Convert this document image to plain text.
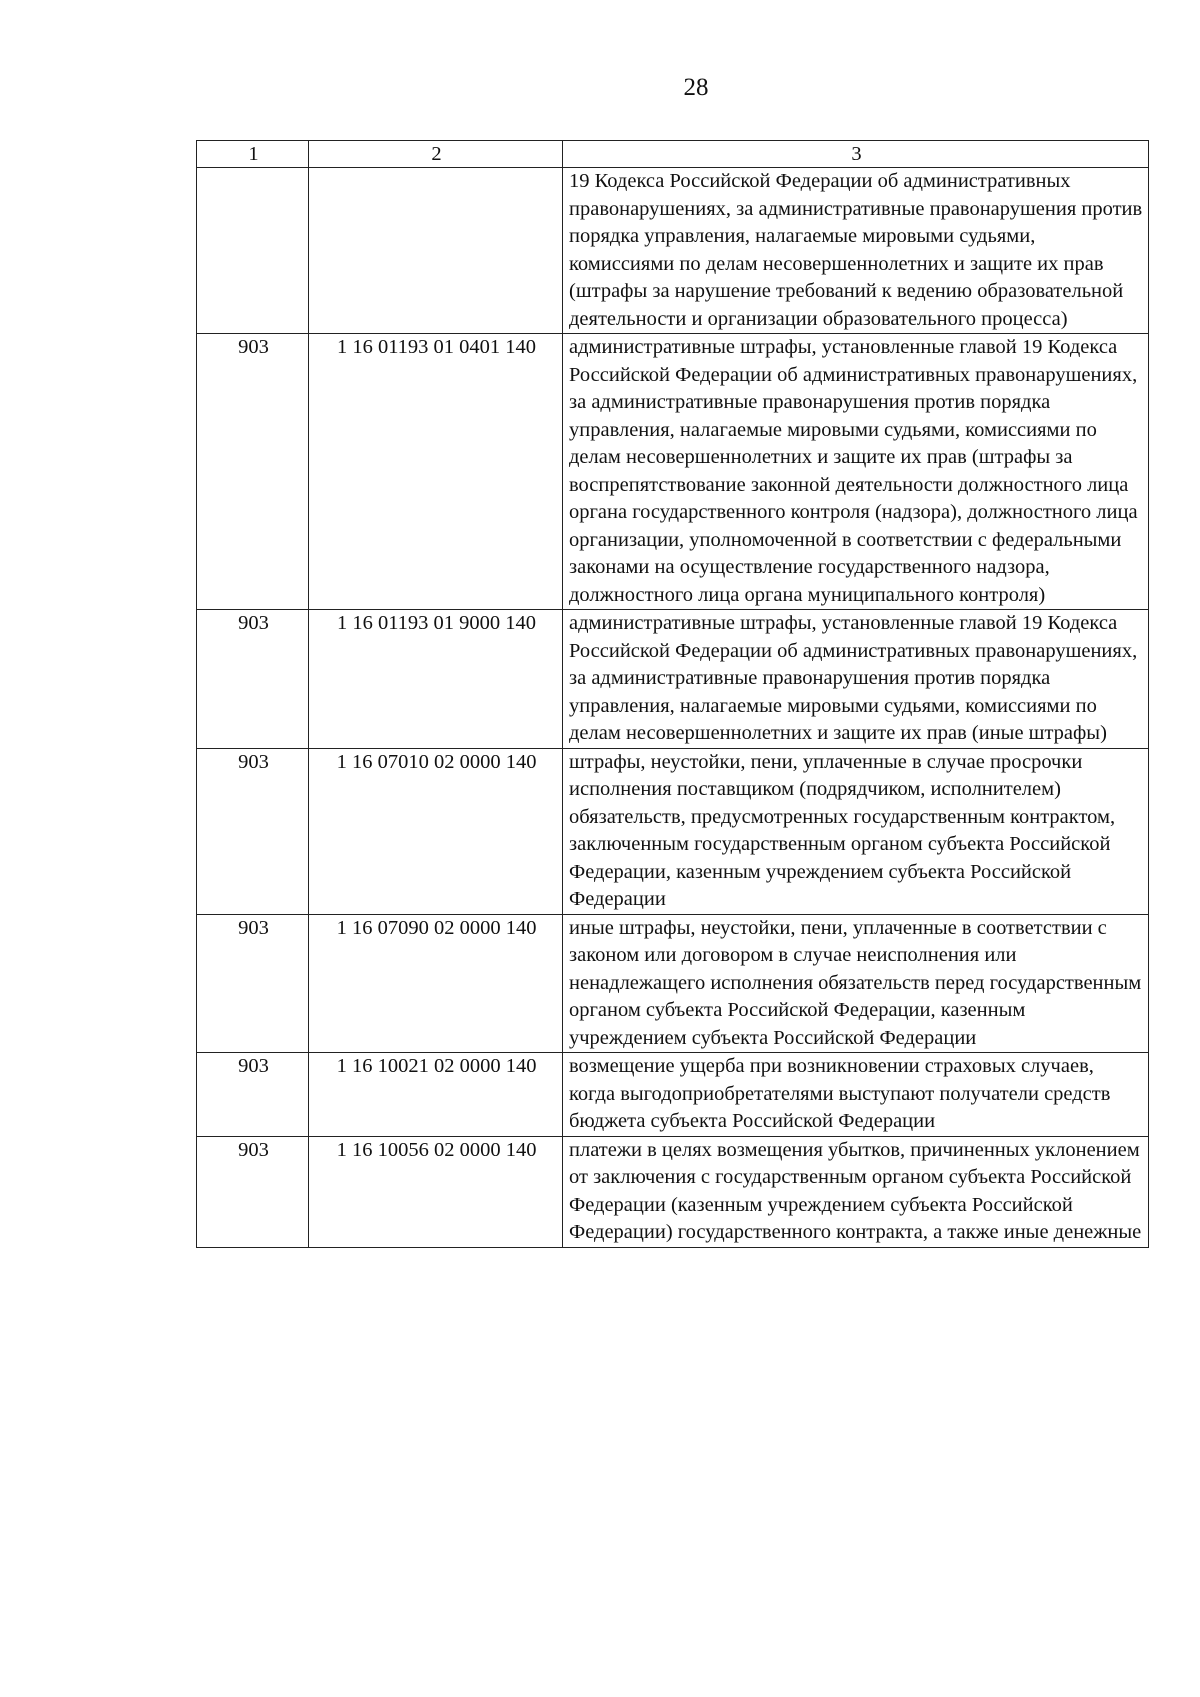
28
1	2	3
		19 Кодекса Российской Федерации об административных правонарушениях, за административные правонарушения против порядка управления, налагаемые мировыми судьями, комиссиями по делам несовершеннолетних и защите их прав (штрафы за нарушение требований к ведению образовательной деятельности и организации образовательного процесса)
903	1 16 01193 01 0401 140	административные штрафы, установленные главой 19 Кодекса Российской Федерации об административных правонарушениях, за административные правонарушения против порядка управления, налагаемые мировыми судьями, комиссиями по делам несовершеннолетних и защите их прав (штрафы за воспрепятствование законной деятельности должностного лица органа государственного контроля (надзора), должностного лица организации, уполномоченной в соответствии с федеральными законами на осуществление государственного надзора, должностного лица органа муниципального контроля)
903	1 16 01193 01 9000 140	административные штрафы, установленные главой 19 Кодекса Российской Федерации об административных правонарушениях, за административные правонарушения против порядка управления, налагаемые мировыми судьями, комиссиями по делам несовершеннолетних и защите их прав (иные штрафы)
903	1 16 07010 02 0000 140	штрафы, неустойки, пени, уплаченные в случае просрочки исполнения поставщиком (подрядчиком, исполнителем) обязательств, предусмотренных государственным контрактом, заключенным государственным органом субъекта Российской Федерации, казенным учреждением субъекта Российской Федерации
903	1 16 07090 02 0000 140	иные штрафы, неустойки, пени, уплаченные в соответствии с законом или договором в случае неисполнения или ненадлежащего исполнения обязательств перед государственным органом субъекта Российской Федерации, казенным учреждением субъекта Российской Федерации
903	1 16 10021 02 0000 140	возмещение ущерба при возникновении страховых случаев, когда выгодоприобретателями выступают получатели средств бюджета субъекта Российской Федерации
903	1 16 10056 02 0000 140	платежи в целях возмещения убытков, причиненных уклонением от заключения с государственным органом субъекта Российской Федерации (казенным учреждением субъекта Российской Федерации) государственного контракта, а также иные денежные
